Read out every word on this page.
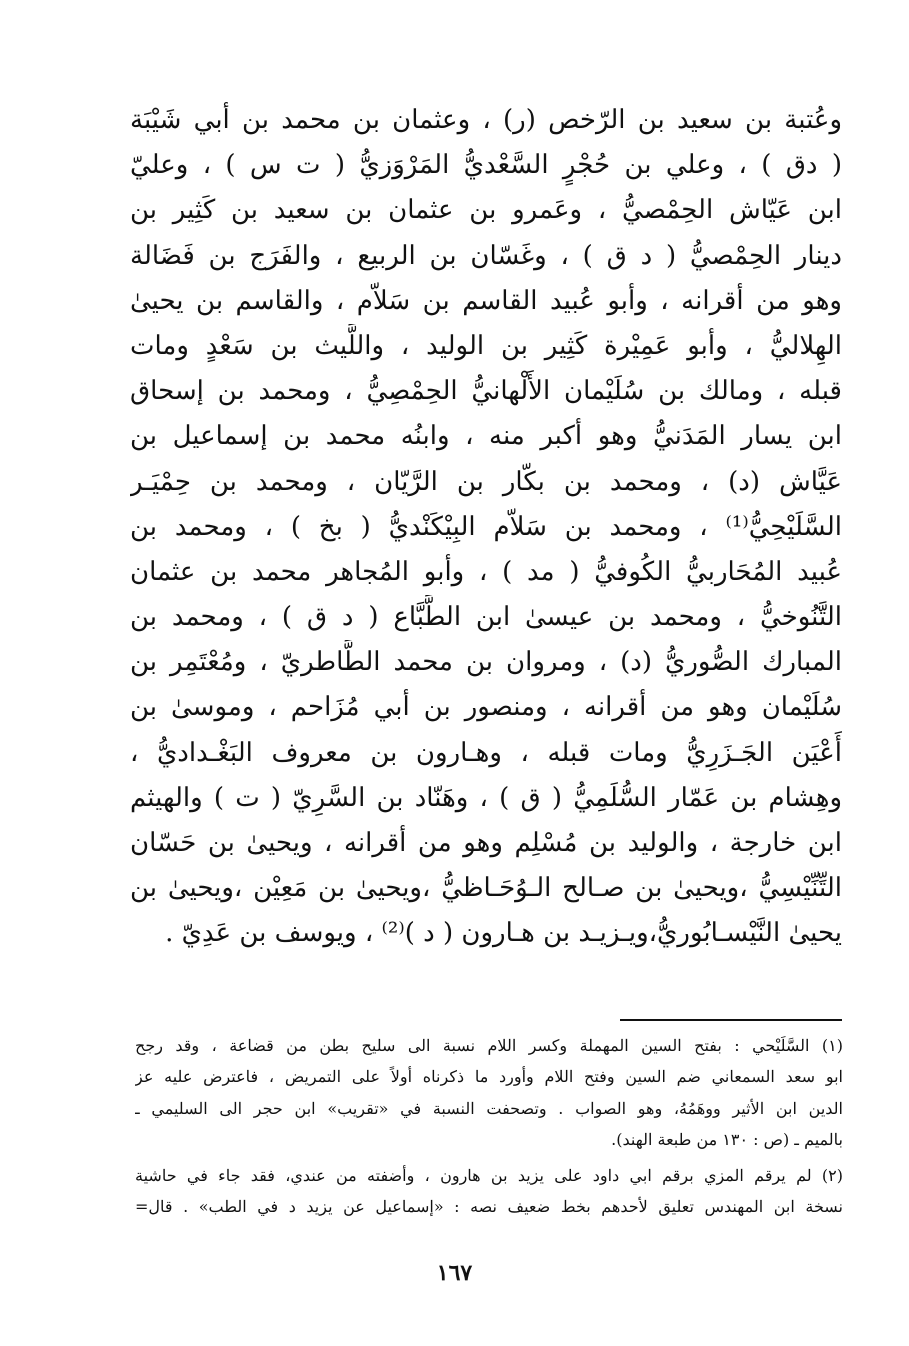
وعُتبة بن سعيد بن الرّخص (ر) ، وعثمان بن محمد بن أبي شَيْبَة
( دق ) ، وعلي بن حُجْرٍ السَّعْديُّ المَرْوَزيُّ ( ت س ) ، وعليّ
ابن عَيّاش الحِمْصيُّ ، وعَمرو بن عثمان بن سعيد بن كَثِير بن
دينار الحِمْصيُّ ( د ق ) ، وغَسّان بن الربيع ، والفَرَج بن فَضَالة
وهو من أقرانه ، وأبو عُبيد القاسم بن سَلاّم ، والقاسم بن يحيىٰ
الهِلاليُّ ، وأبو عَمِيْرة كَثِير بن الوليد ، واللَّيث بن سَعْدٍ ومات
قبله ، ومالك بن سُلَيْمان الأَلْهانيُّ الحِمْصِيُّ ، ومحمد بن إسحاق
ابن يسار المَدَنيُّ وهو أكبر منه ، وابنُه محمد بن إسماعيل بن
عَيَّاش (د) ، ومحمد بن بكّار بن الرَّيّان ، ومحمد بن حِمْيَـر
السَّلَيْحِيُّ⁽¹⁾ ، ومحمد بن سَلاّم البِيْكَنْديُّ ( بخ ) ، ومحمد بن
عُبيد المُحَاربيُّ الكُوفيُّ ( مد ) ، وأبو المُجاهر محمد بن عثمان
التَّنُوخيُّ ، ومحمد بن عيسىٰ ابن الطَّبَّاع ( د ق ) ، ومحمد بن
المبارك الصُّوريُّ (د) ، ومروان بن محمد الطَّاطريّ ، ومُعْتَمِر بن
سُلَيْمان وهو من أقرانه ، ومنصور بن أبي مُزَاحم ، وموسىٰ بن
أَعْيَن الجَـزَرِيُّ ومات قبله ، وهـارون بن معروف البَغْـداديُّ ،
وهِشام بن عَمّار السُّلَمِيُّ ( ق ) ، وهَنّاد بن السَّرِيّ ( ت ) والهيثم
ابن خارجة ، والوليد بن مُسْلِم وهو من أقرانه ، ويحيىٰ بن حَسّان
التِّنِّيْسِيُّ ،ويحيىٰ بن صـالح الـوُحَـاظيُّ ،ويحيىٰ بن مَعِيْن ،ويحيىٰ بن
يحيىٰ النَّيْسـابُوريُّ،ويـزيـد بن هـارون ( د )⁽²⁾ ، ويوسف بن عَدِيّ .
(١) السَّلَيْحي : بفتح السين المهملة وكسر اللام نسبة الى سليح بطن من قضاعة ، وقد رجح
ابو سعد السمعاني ضم السين وفتح اللام وأورد ما ذكرناه أولاً على التمريض ، فاعترض عليه عز
الدين ابن الأثير ووهَمُهُ، وهو الصواب . وتصحفت النسبة في «تقريب» ابن حجر الى السليمي ـ
بالميم ـ (ص : ١٣٠ من طبعة الهند).
(٢) لم يرقم المزي برقم ابي داود على يزيد بن هارون ، وأضفته من عندي، فقد جاء في حاشية
نسخة ابن المهندس تعليق لأحدهم بخط ضعيف نصه : «إسماعيل عن يزيد د في الطب» . قال=
١٦٧
